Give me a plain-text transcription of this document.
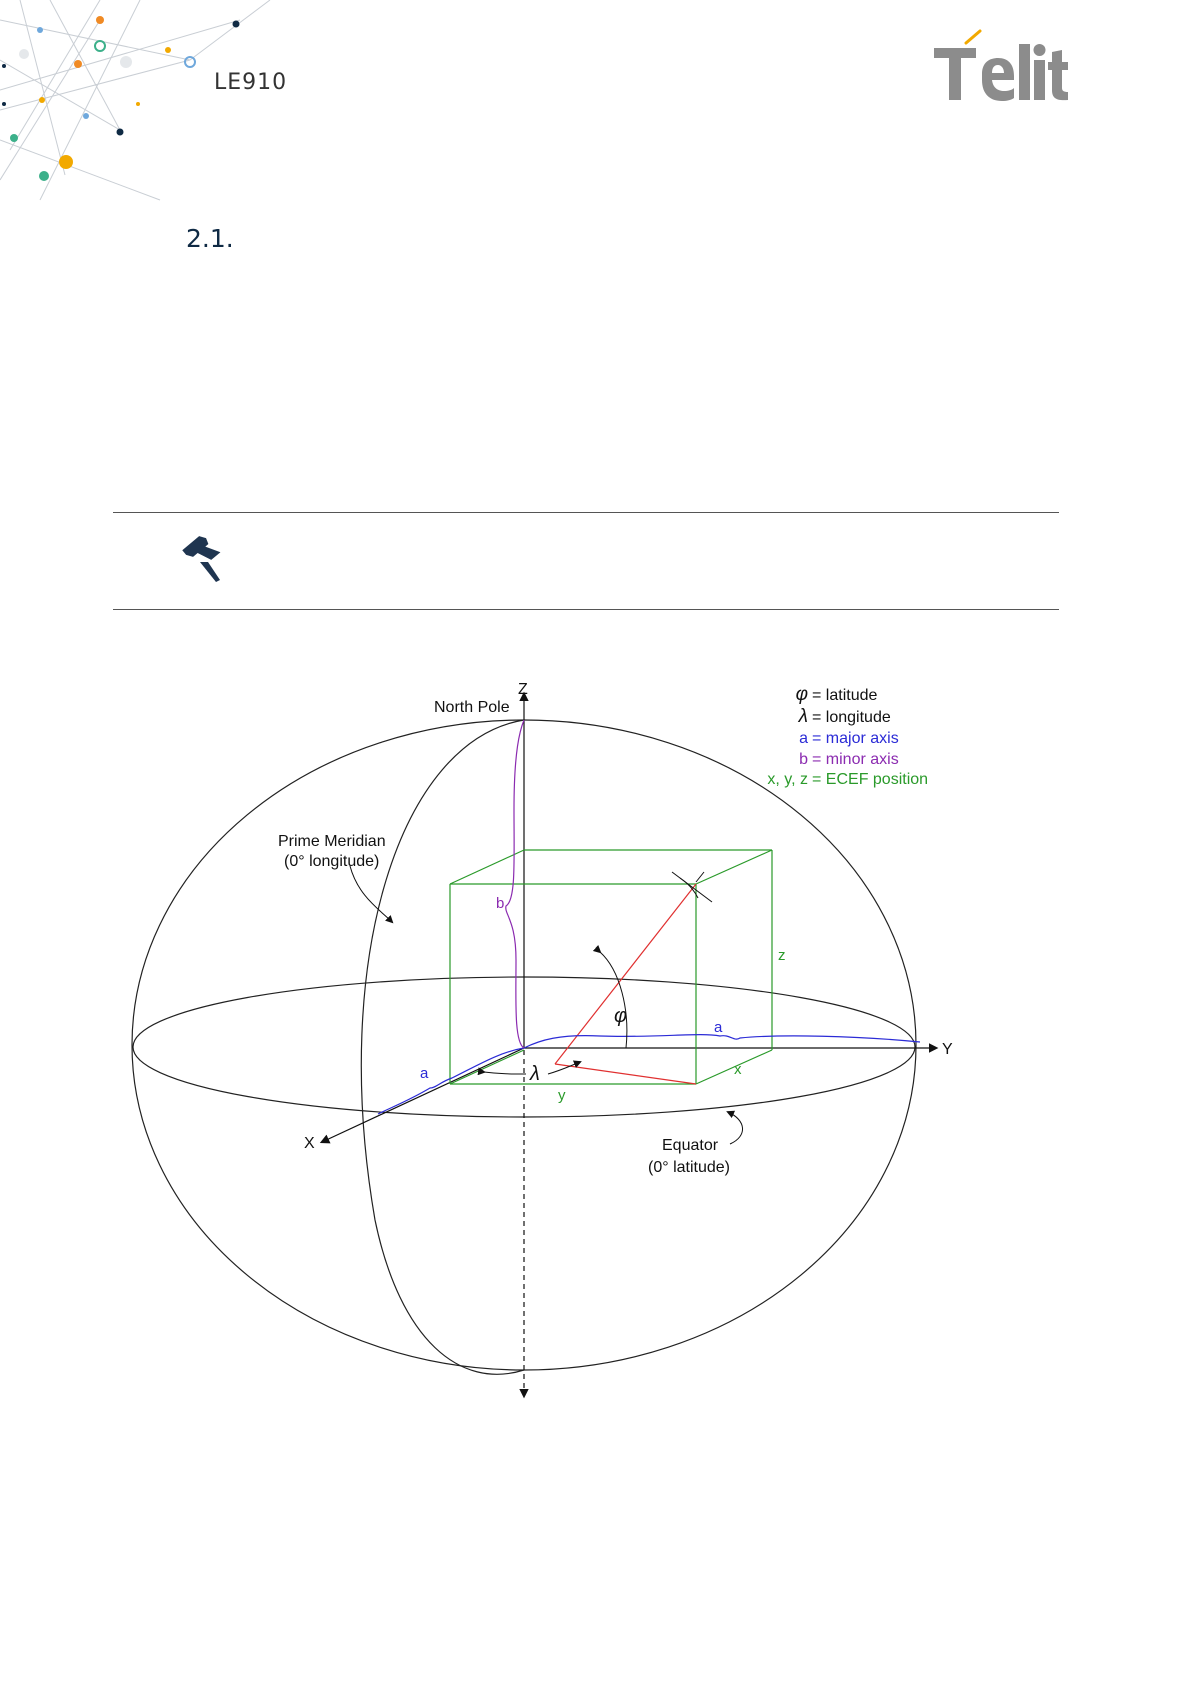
LE910
2.1.
Z
North Pole
Y
X
Prime Meridian
(0° longitude)
Equator
(0° latitude)
b
a
a
z
x
y
φ
λ
φ = latitude
λ = longitude
a = major axis
b = minor axis
x, y, z = ECEF position
